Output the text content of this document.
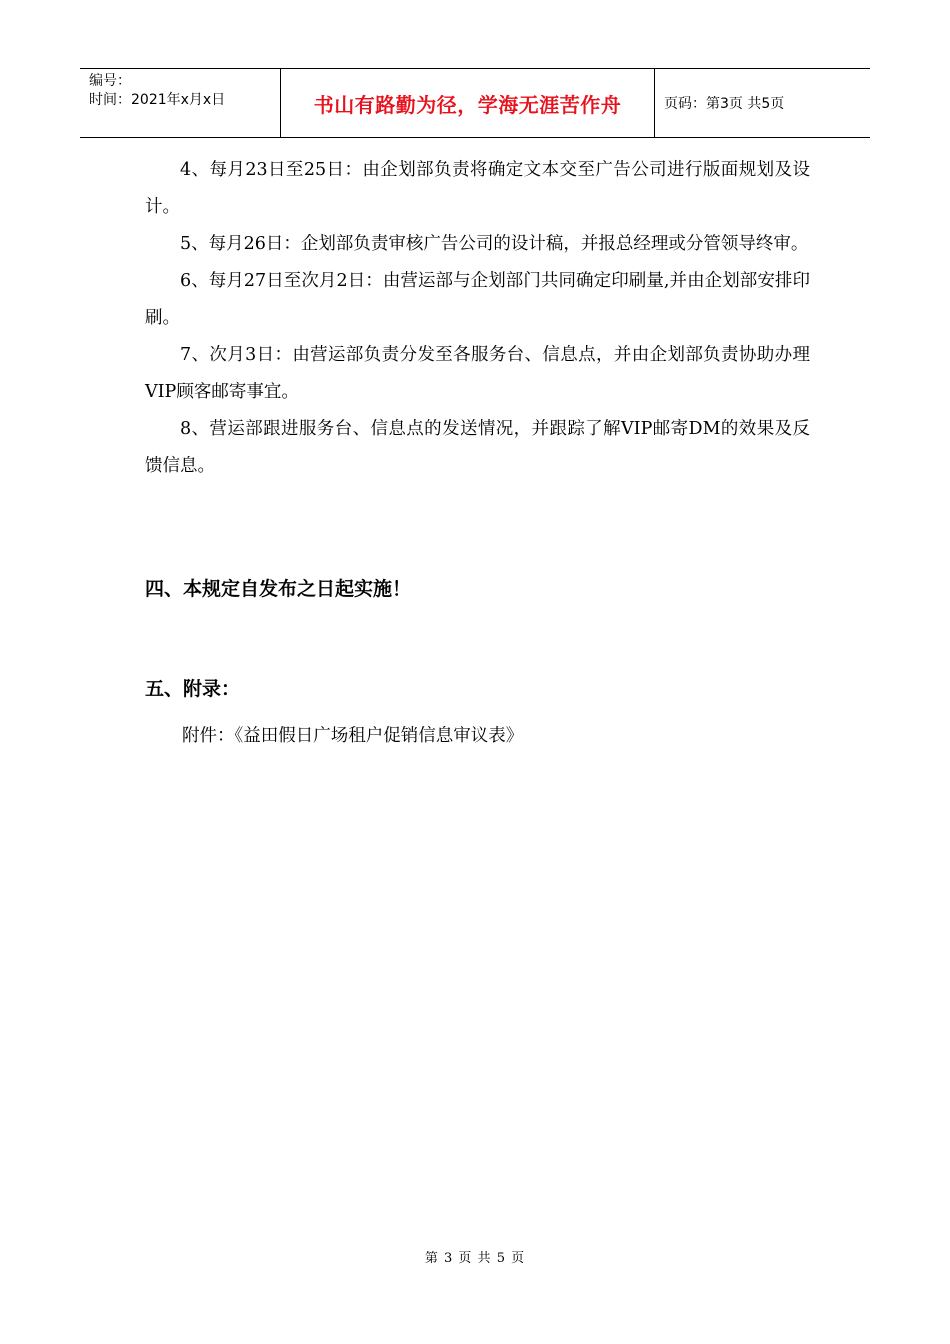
编号：
时间：2021年x月x日	书山有路勤为径，学海无涯苦作舟	页码：第3页 共5页

4、每月23日至25日：由企划部负责将确定文本交至广告公司进行版面规划及设计。

5、每月26日：企划部负责审核广告公司的设计稿，并报总经理或分管领导终审。

6、每月27日至次月2日：由营运部与企划部门共同确定印刷量,并由企划部安排印刷。

7、次月3日：由营运部负责分发至各服务台、信息点，并由企划部负责协助办理VIP顾客邮寄事宜。

8、营运部跟进服务台、信息点的发送情况，并跟踪了解VIP邮寄DM的效果及反馈信息。

四、本规定自发布之日起实施！
五、附录：
附件：《益田假日广场租户促销信息审议表》
第 3 页 共 5 页
